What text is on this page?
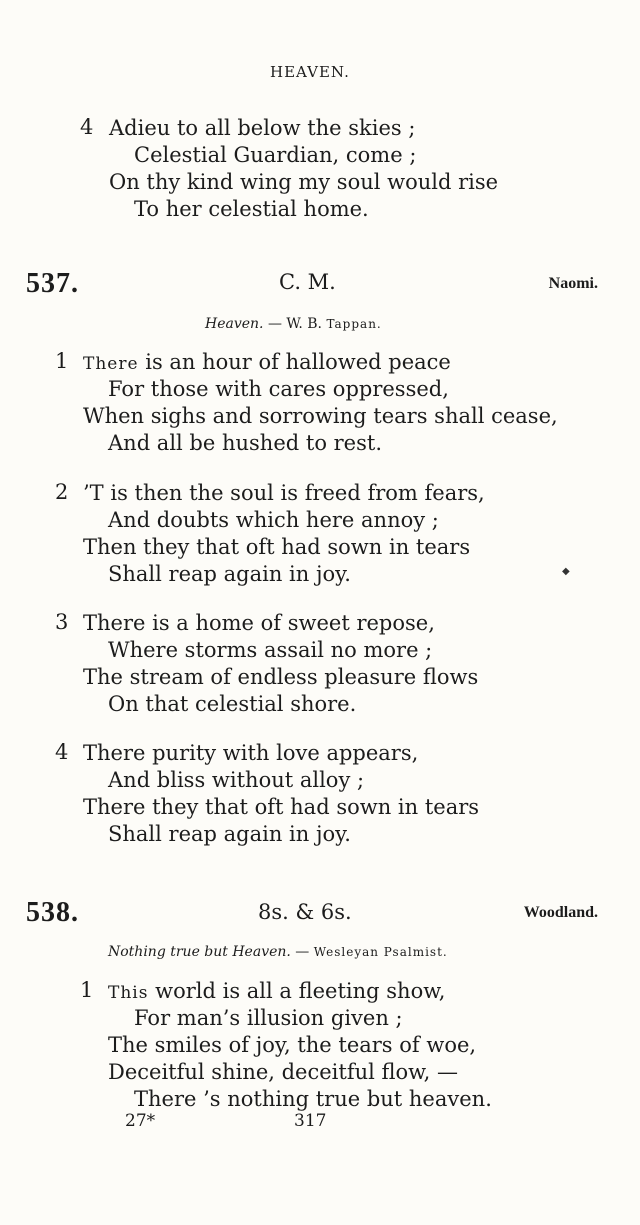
HEAVEN.
4 Adieu to all below the skies ;
Celestial Guardian, come ;
On thy kind wing my soul would rise
To her celestial home.
537.	C. M.	Naomi.
Heaven. — W. B. Tappan.
1 There is an hour of hallowed peace
For those with cares oppressed,
When sighs and sorrowing tears shall cease,
And all be hushed to rest.
2 ’T is then the soul is freed from fears,
And doubts which here annoy ;
Then they that oft had sown in tears
Shall reap again in joy.	◆
3 There is a home of sweet repose,
Where storms assail no more ;
The stream of endless pleasure flows
On that celestial shore.
4 There purity with love appears,
And bliss without alloy ;
There they that oft had sown in tears
Shall reap again in joy.
538.	8s. & 6s.	Woodland.
Nothing true but Heaven. — Wesleyan Psalmist.
1 This world is all a fleeting show,
For man’s illusion given ;
The smiles of joy, the tears of woe,
Deceitful shine, deceitful flow, —
There ’s nothing true but heaven.
27*	317
